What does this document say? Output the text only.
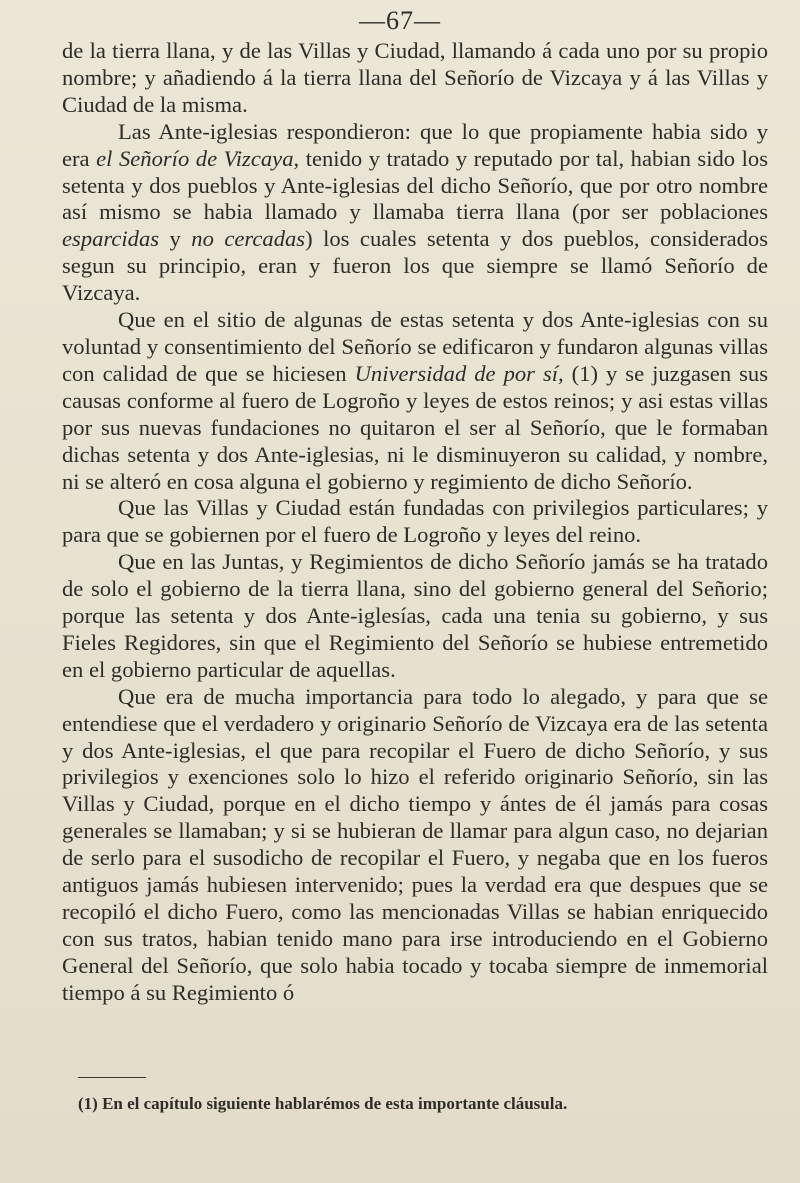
—67—

de la tierra llana, y de las Villas y Ciudad, llamando á cada uno por su propio nombre; y añadiendo á la tierra llana del Señorío de Vizcaya y á las Villas y Ciudad de la misma.

Las Ante-iglesias respondieron: que lo que propiamente habia sido y era el Señorío de Vizcaya, tenido y tratado y reputado por tal, habian sido los setenta y dos pueblos y Ante-iglesias del dicho Señorío, que por otro nombre así mismo se habia llamado y llamaba tierra llana (por ser poblaciones esparcidas y no cercadas) los cuales setenta y dos pueblos, considerados segun su principio, eran y fueron los que siempre se llamó Señorío de Vizcaya.

Que en el sitio de algunas de estas setenta y dos Ante-iglesias con su voluntad y consentimiento del Señorío se edificaron y fundaron algunas villas con calidad de que se hiciesen Universidad de por sí, (1) y se juzgasen sus causas conforme al fuero de Logroño y leyes de estos reinos; y asi estas villas por sus nuevas fundaciones no quitaron el ser al Señorío, que le formaban dichas setenta y dos Ante-iglesias, ni le disminuyeron su calidad, y nombre, ni se alteró en cosa alguna el gobierno y regimiento de dicho Señorío.

Que las Villas y Ciudad están fundadas con privilegios particulares; y para que se gobiernen por el fuero de Logroño y leyes del reino.

Que en las Juntas, y Regimientos de dicho Señorío jamás se ha tratado de solo el gobierno de la tierra llana, sino del gobierno general del Señorio; porque las setenta y dos Ante-iglesías, cada una tenia su gobierno, y sus Fieles Regidores, sin que el Regimiento del Señorío se hubiese entremetido en el gobierno particular de aquellas.

Que era de mucha importancia para todo lo alegado, y para que se entendiese que el verdadero y originario Señorío de Vizcaya era de las setenta y dos Ante-iglesias, el que para recopilar el Fuero de dicho Señorío, y sus privilegios y exenciones solo lo hizo el referido originario Señorío, sin las Villas y Ciudad, porque en el dicho tiempo y ántes de él jamás para cosas generales se llamaban; y si se hubieran de llamar para algun caso, no dejarian de serlo para el susodicho de recopilar el Fuero, y negaba que en los fueros antiguos jamás hubiesen intervenido; pues la verdad era que despues que se recopiló el dicho Fuero, como las mencionadas Villas se habian enriquecido con sus tratos, habian tenido mano para irse introduciendo en el Gobierno General del Señorío, que solo habia tocado y tocaba siempre de inmemorial tiempo á su Regimiento ó

(1) En el capítulo siguiente hablarémos de esta importante cláusula.
